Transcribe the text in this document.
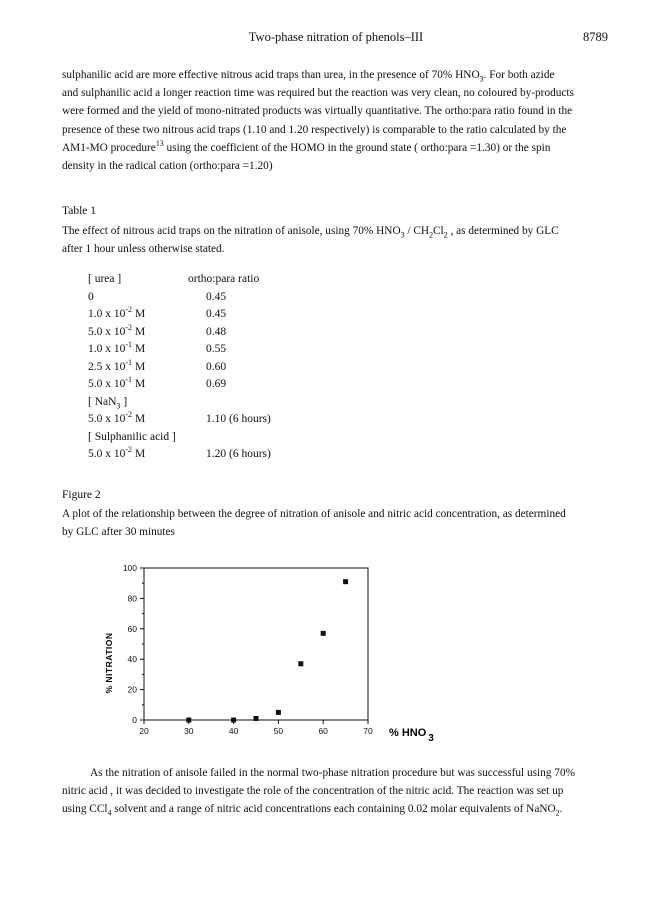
Two-phase nitration of phenols–III	8789
sulphanilic acid are more effective nitrous acid traps than urea, in the presence of 70% $HNO_3$. For both azide
and sulphanilic acid a longer reaction time was required but the reaction was very clean, no coloured by-products
were formed and the yield of mono-nitrated products was virtually quantitative. The ortho:para ratio found in the
presence of these two nitrous acid traps (1.10 and 1.20 respectively) is comparable to the ratio calculated by the
AM1-MO procedure$^{13}$ using the coefficient of the HOMO in the ground state ( ortho:para =1.30) or the spin
density in the radical cation (ortho:para =1.20)
Table 1
The effect of nitrous acid traps on the nitration of anisole, using 70% $HNO_3 / CH_2Cl_2$ , as determined by GLC
after 1 hour unless otherwise stated.
[ urea ]	ortho:para ratio
0	0.45
1.0 x $10^{-2}$ M	0.45
5.0 x $10^{-2}$ M	0.48
1.0 x $10^{-1}$ M	0.55
2.5 x $10^{-1}$ M	0.60
5.0 x $10^{-1}$ M	0.69
[ NaN$_3$ ]
5.0 x $10^{-2}$ M	1.10 (6 hours)
[ Sulphanilic acid ]
5.0 x $10^{-2}$ M	1.20 (6 hours)
Figure 2
A plot of the relationship between the degree of nitration of anisole and nitric acid concentration, as determined
by GLC after 30 minutes
0
20
40
60
80
100
20	30	40	50	60	70
% NITRATION
% HNO 3
As the nitration of anisole failed in the normal two-phase nitration procedure but was successful using 70%
nitric acid , it was decided to investigate the role of the concentration of the nitric acid. The reaction was set up
using CCl$_4$ solvent and a range of nitric acid concentrations each containing 0.02 molar equivalents of NaNO$_2$.
